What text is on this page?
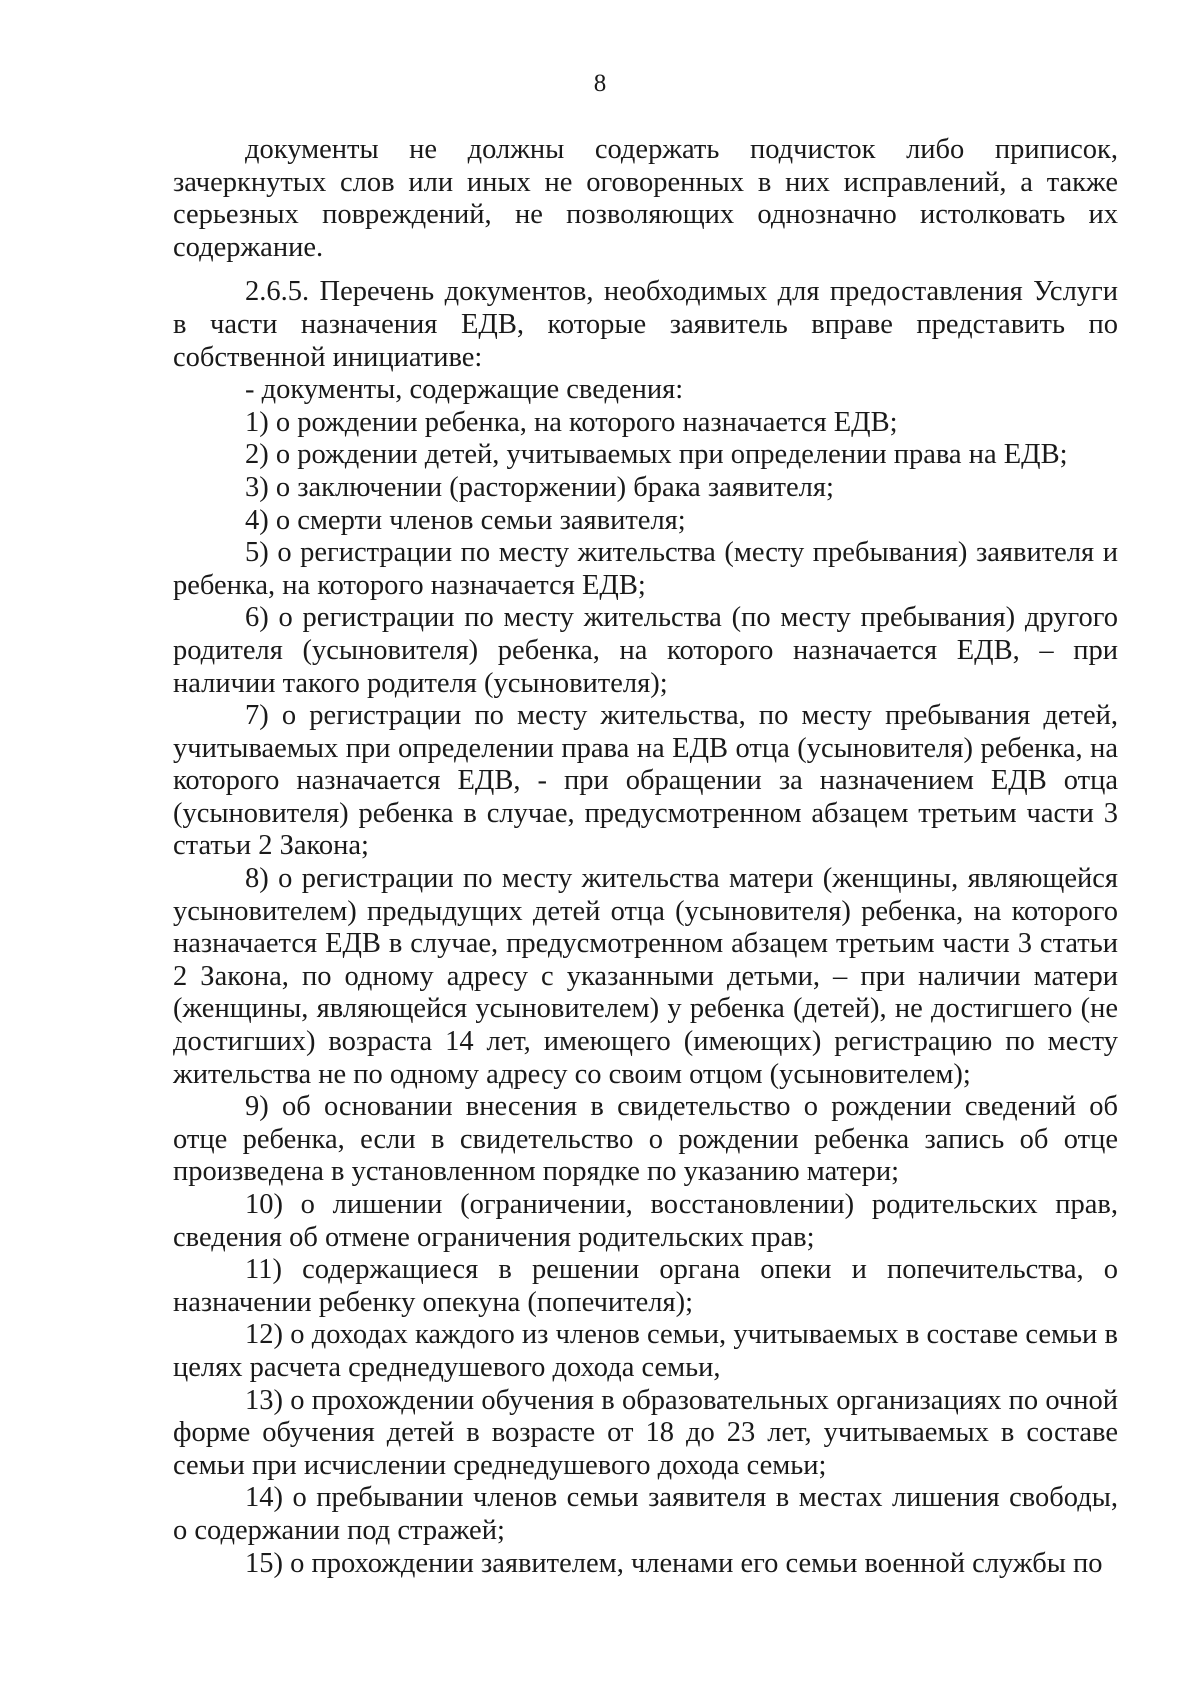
8

документы не должны содержать подчисток либо приписок, зачеркнутых слов или иных не оговоренных в них исправлений, а также серьезных повреждений, не позволяющих однозначно истолковать их содержание.

2.6.5. Перечень документов, необходимых для предоставления Услуги в части назначения ЕДВ, которые заявитель вправе представить по собственной инициативе:

- документы, содержащие сведения:

1) о рождении ребенка, на которого назначается ЕДВ;

2) о рождении детей, учитываемых при определении права на ЕДВ;

3) о заключении (расторжении) брака заявителя;

4) о смерти членов семьи заявителя;

5) о регистрации по месту жительства (месту пребывания) заявителя и ребенка, на которого назначается ЕДВ;

6) о регистрации по месту жительства (по месту пребывания) другого родителя (усыновителя) ребенка, на которого назначается ЕДВ, – при наличии такого родителя (усыновителя);

7) о регистрации по месту жительства, по месту пребывания детей, учитываемых при определении права на ЕДВ отца (усыновителя) ребенка, на которого назначается ЕДВ, - при обращении за назначением ЕДВ отца (усыновителя) ребенка в случае, предусмотренном абзацем третьим части 3 статьи 2 Закона;

8) о регистрации по месту жительства матери (женщины, являющейся усыновителем) предыдущих детей отца (усыновителя) ребенка, на которого назначается ЕДВ в случае, предусмотренном абзацем третьим части 3 статьи 2 Закона, по одному адресу с указанными детьми, – при наличии матери (женщины, являющейся усыновителем) у ребенка (детей), не достигшего (не достигших) возраста 14 лет, имеющего (имеющих) регистрацию по месту жительства не по одному адресу со своим отцом (усыновителем);

9) об основании внесения в свидетельство о рождении сведений об отце ребенка, если в свидетельство о рождении ребенка запись об отце произведена в установленном порядке по указанию матери;

10) о лишении (ограничении, восстановлении) родительских прав, сведения об отмене ограничения родительских прав;

11) содержащиеся в решении органа опеки и попечительства, о назначении ребенку опекуна (попечителя);

12) о доходах каждого из членов семьи, учитываемых в составе семьи в целях расчета среднедушевого дохода семьи,

13) о прохождении обучения в образовательных организациях по очной форме обучения детей в возрасте от 18 до 23 лет, учитываемых в составе семьи при исчислении среднедушевого дохода семьи;

14) о пребывании членов семьи заявителя в местах лишения свободы, о содержании под стражей;

15) о прохождении заявителем, членами его семьи военной службы по
